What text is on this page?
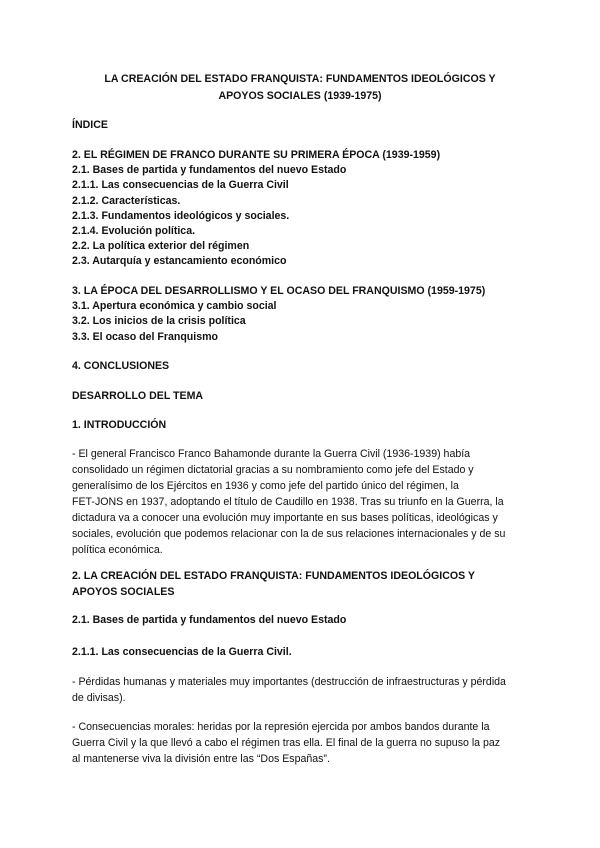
LA CREACIÓN DEL ESTADO FRANQUISTA: FUNDAMENTOS IDEOLÓGICOS Y
APOYOS SOCIALES (1939-1975)
ÍNDICE
2. EL RÉGIMEN DE FRANCO DURANTE SU PRIMERA ÉPOCA (1939-1959)
2.1. Bases de partida y fundamentos del nuevo Estado
2.1.1. Las consecuencias de la Guerra Civil
2.1.2. Características.
2.1.3. Fundamentos ideológicos y sociales.
2.1.4. Evolución política.
2.2. La política exterior del régimen
2.3. Autarquía y estancamiento económico
3. LA ÉPOCA DEL DESARROLLISMO Y EL OCASO DEL FRANQUISMO (1959-1975)
3.1. Apertura económica y cambio social
3.2. Los inicios de la crisis política
3.3. El ocaso del Franquismo
4. CONCLUSIONES
DESARROLLO DEL TEMA
1. INTRODUCCIÓN
- El general Francisco Franco Bahamonde durante la Guerra Civil (1936-1939) había
consolidado un régimen dictatorial gracias a su nombramiento como jefe del Estado y
generalísimo de los Ejércitos en 1936 y como jefe del partido único del régimen, la
FET-JONS en 1937, adoptando el título de Caudillo en 1938. Tras su triunfo en la Guerra, la
dictadura va a conocer una evolución muy importante en sus bases políticas, ideológicas y
sociales, evolución que podemos relacionar con la de sus relaciones internacionales y de su
política económica.
2. LA CREACIÓN DEL ESTADO FRANQUISTA: FUNDAMENTOS IDEOLÓGICOS Y
APOYOS SOCIALES
2.1. Bases de partida y fundamentos del nuevo Estado
2.1.1. Las consecuencias de la Guerra Civil.
- Pérdidas humanas y materiales muy importantes (destrucción de infraestructuras y pérdida
de divisas).
- Consecuencias morales: heridas por la represión ejercida por ambos bandos durante la
Guerra Civil y la que llevó a cabo el régimen tras ella. El final de la guerra no supuso la paz
al mantenerse viva la división entre las “Dos Españas”.
